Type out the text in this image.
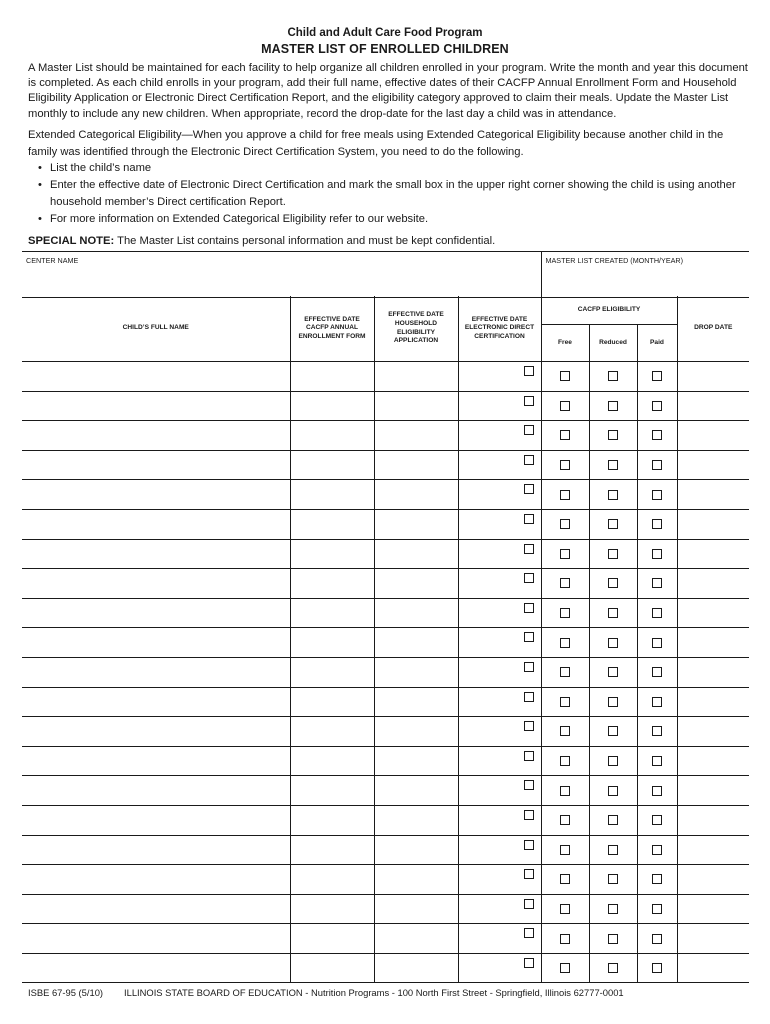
Child and Adult Care Food Program
MASTER LIST OF ENROLLED CHILDREN
A Master List should be maintained for each facility to help organize all children enrolled in your program. Write the month and year this document is completed. As each child enrolls in your program, add their full name, effective dates of their CACFP Annual Enrollment Form and Household Eligibility Application or Electronic Direct Certification Report, and the eligibility category approved to claim their meals. Update the Master List monthly to include any new children. When appropriate, record the drop-date for the last day a child was in attendance.
Extended Categorical Eligibility—When you approve a child for free meals using Extended Categorical Eligibility because another child in the family was identified through the Electronic Direct Certification System, you need to do the following.
• List the child’s name
• Enter the effective date of Electronic Direct Certification and mark the small box in the upper right corner showing the child is using another household member’s Direct certification Report.
• For more information on Extended Categorical Eligibility refer to our website.
SPECIAL NOTE: The Master List contains personal information and must be kept confidential.
CENTER NAME	MASTER LIST CREATED (MONTH/YEAR)
CHILD’S FULL NAME	EFFECTIVE DATE CACFP ANNUAL ENROLLMENT FORM	EFFECTIVE DATE HOUSEHOLD ELIGIBILITY APPLICATION	EFFECTIVE DATE ELECTRONIC DIRECT CERTIFICATION	CACFP ELIGIBILITY			DROP DATE
				Free	Reduced	Paid	

ISBE 67-95 (5/10) ILLINOIS STATE BOARD OF EDUCATION - Nutrition Programs - 100 North First Street - Springfield, Illinois 62777-0001
